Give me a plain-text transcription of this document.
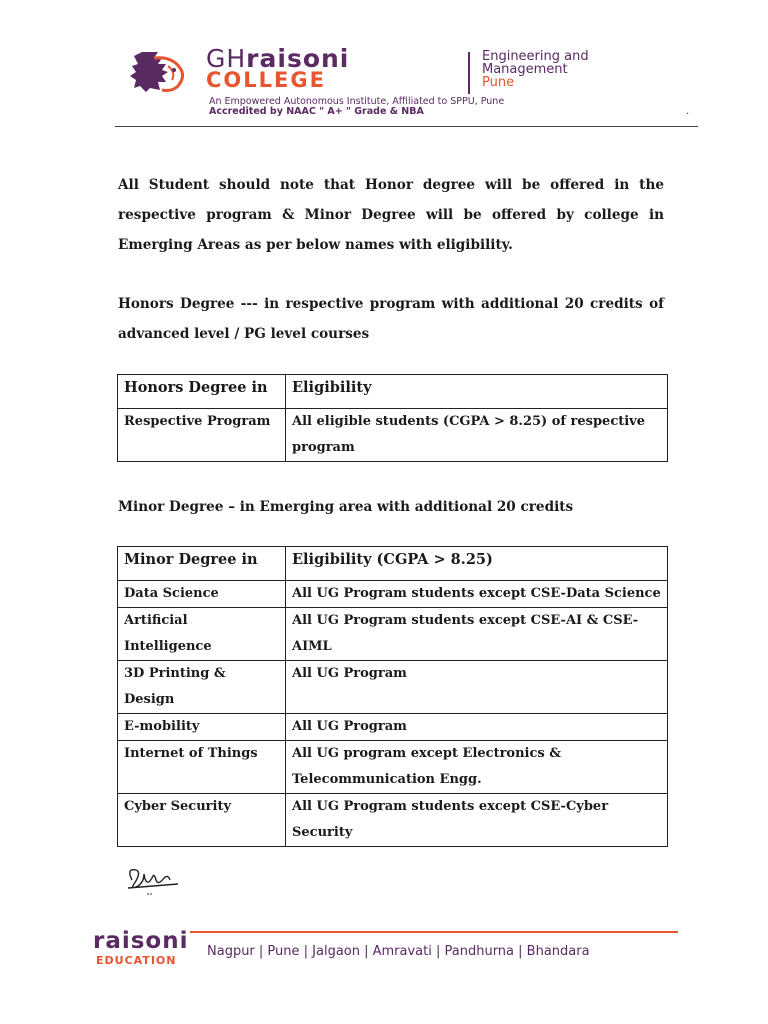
GHraisoni
COLLEGE
Engineering and
Management
Pune
An Empowered Autonomous Institute, Affiliated to SPPU, Pune
Accredited by NAAC " A+ " Grade & NBA	.
All Student should note that Honor degree will be offered in the respective program & Minor Degree will be offered by college in Emerging Areas as per below names with eligibility.
Honors Degree --- in respective program with additional 20 credits of advanced level / PG level courses
Honors Degree in	Eligibility
Respective Program	All eligible students (CGPA > 8.25) of respective program
Minor Degree – in Emerging area with additional 20 credits
Minor Degree in	Eligibility (CGPA > 8.25)
Data Science	All UG Program students except CSE-Data Science
Artificial Intelligence	All UG Program students except CSE-AI & CSE-AIML
3D Printing & Design	All UG Program
E-mobility	All UG Program
Internet of Things	All UG program except Electronics & Telecommunication Engg.
Cyber Security	All UG Program students except CSE-Cyber Security
raisoni
EDUCATION
Nagpur | Pune | Jalgaon | Amravati | Pandhurna | Bhandara
